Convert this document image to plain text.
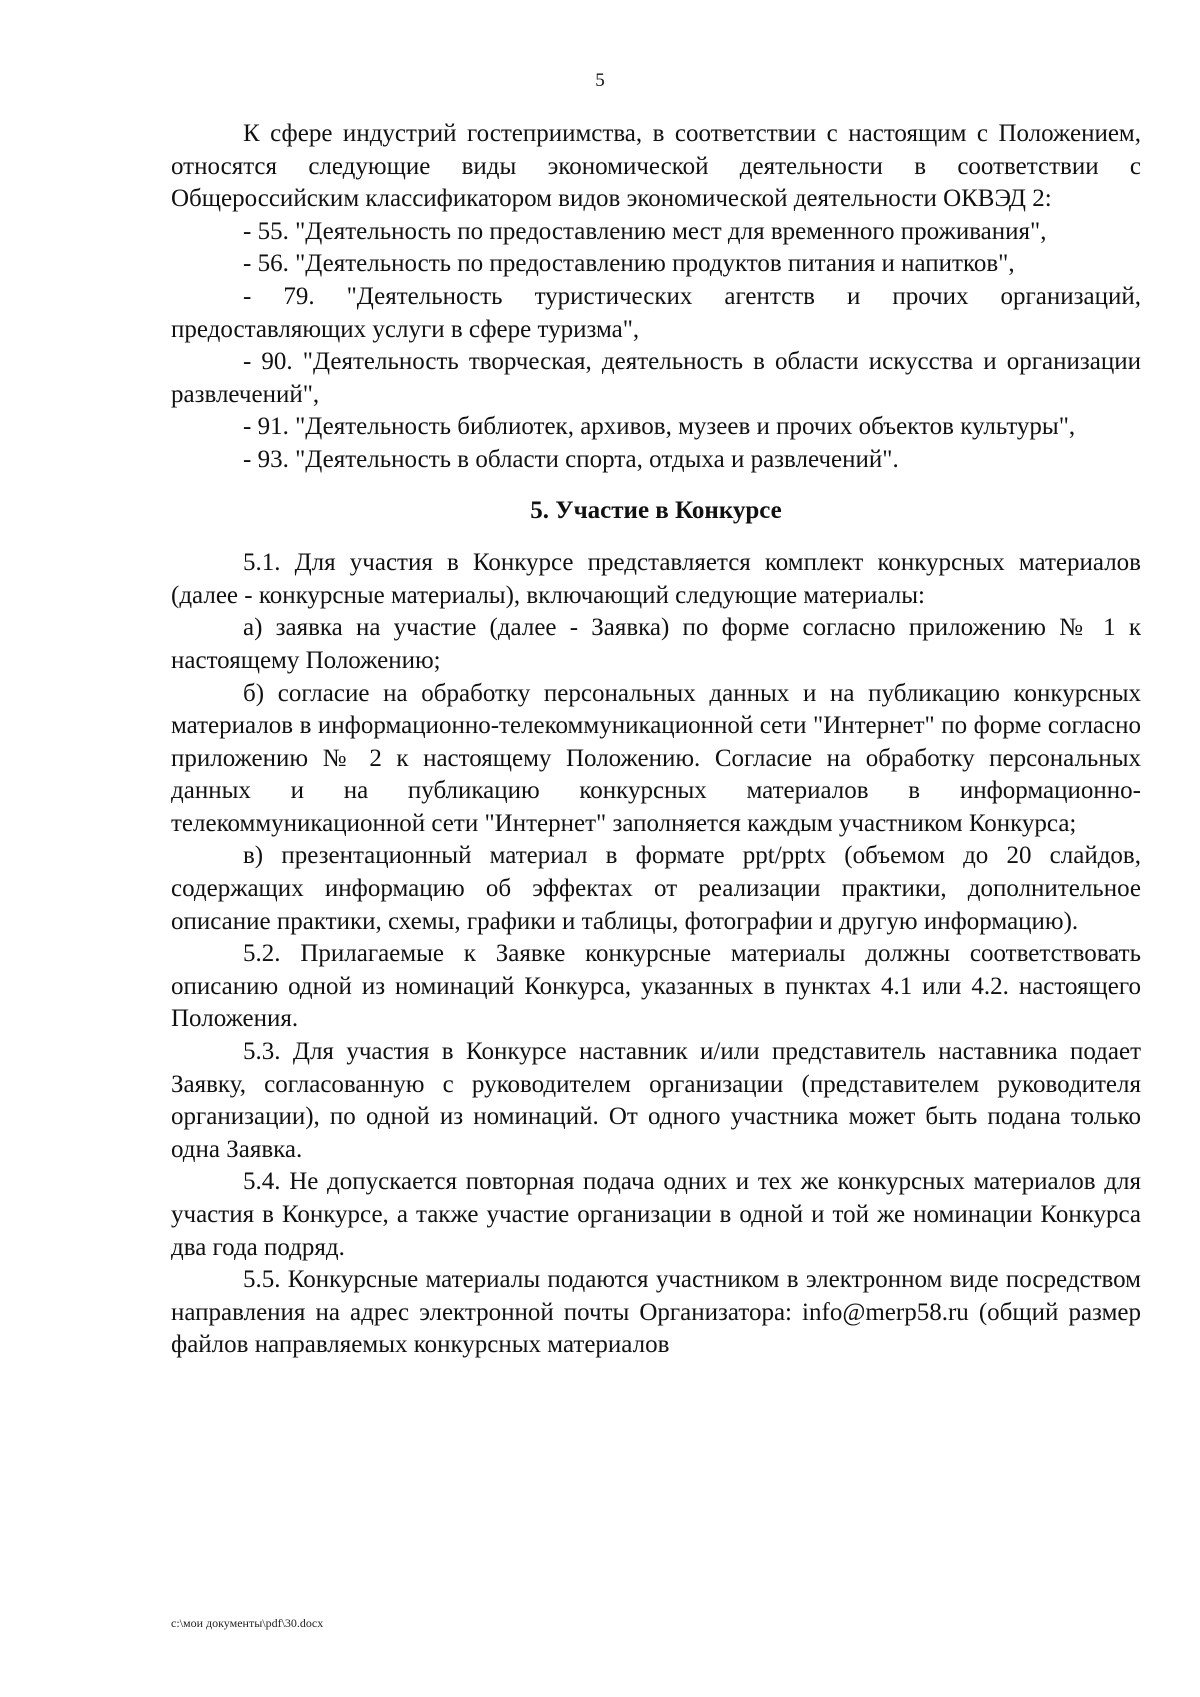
5

К сфере индустрий гостеприимства, в соответствии с настоящим с Положением, относятся следующие виды экономической деятельности в соответствии с Общероссийским классификатором видов экономической деятельности ОКВЭД 2:

- 55. "Деятельность по предоставлению мест для временного проживания",

- 56. "Деятельность по предоставлению продуктов питания и напитков",

- 79. "Деятельность туристических агентств и прочих организаций, предоставляющих услуги в сфере туризма",

- 90. "Деятельность творческая, деятельность в области искусства и организации развлечений",

- 91. "Деятельность библиотек, архивов, музеев и прочих объектов культуры",

- 93. "Деятельность в области спорта, отдыха и развлечений".

5. Участие в Конкурсе

5.1. Для участия в Конкурсе представляется комплект конкурсных материалов (далее - конкурсные материалы), включающий следующие материалы:

а) заявка на участие (далее - Заявка) по форме согласно приложению № 1 к настоящему Положению;

б) согласие на обработку персональных данных и на публикацию конкурсных материалов в информационно-телекоммуникационной сети "Интернет" по форме согласно приложению № 2 к настоящему Положению. Согласие на обработку персональных данных и на публикацию конкурсных материалов в информационно-телекоммуникационной сети "Интернет" заполняется каждым участником Конкурса;

в) презентационный материал в формате ppt/pptx (объемом до 20 слайдов, содержащих информацию об эффектах от реализации практики, дополнительное описание практики, схемы, графики и таблицы, фотографии и другую информацию).

5.2. Прилагаемые к Заявке конкурсные материалы должны соответствовать описанию одной из номинаций Конкурса, указанных в пунктах 4.1 или 4.2. настоящего Положения.

5.3. Для участия в Конкурсе наставник и/или представитель наставника подает Заявку, согласованную с руководителем организации (представителем руководителя организации), по одной из номинаций. От одного участника может быть подана только одна Заявка.

5.4. Не допускается повторная подача одних и тех же конкурсных материалов для участия в Конкурсе, а также участие организации в одной и той же номинации Конкурса два года подряд.

5.5. Конкурсные материалы подаются участником в электронном виде посредством направления на адрес электронной почты Организатора: info@merp58.ru (общий размер файлов направляемых конкурсных материалов

c:\мои документы\pdf\30.docx
